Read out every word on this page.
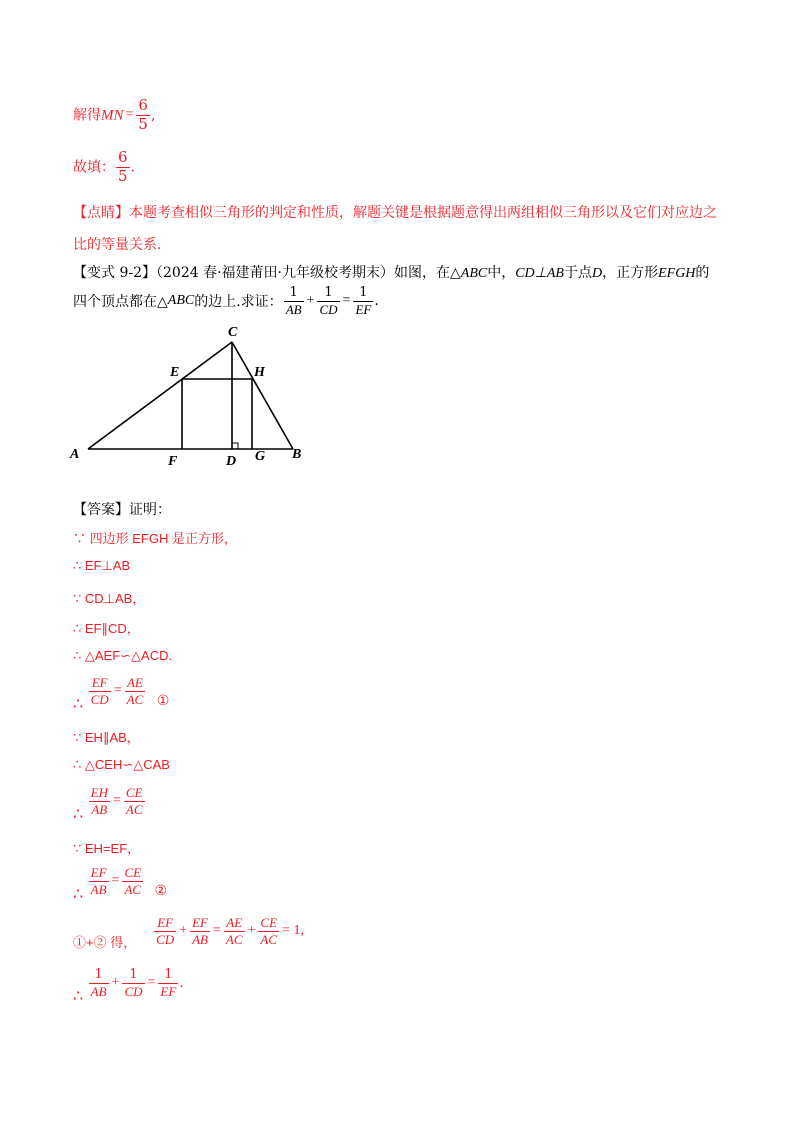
解得MN = $\frac{6}{5}$ ,
故填： $\frac{6}{5}$ .
【点睛】本题考查相似三角形的判定和性质，解题关键是根据题意得出两组相似三角形以及它们对应边之
比的等量关系.
【变式 9-2】（2024 春·福建莆田·九年级校考期末）如图，在△ABC中，CD⊥AB于点D，正方形EFGH的
四个顶点都在△ABC的边上.求证： $\frac{1}{AB} + \frac{1}{CD} = \frac{1}{EF}$ .
C
E	H
A	F	D G B
【答案】证明：
∵ 四边形 EFGH 是正方形，
∴ EF⊥AB
∵ CD⊥AB，
∴ EF∥CD，
∴ △AEF∽△ACD.
∴ $\frac{EF}{CD} = \frac{AE}{AC}$ ①
∵ EH∥AB，
∴ △CEH∽△CAB
∴ $\frac{EH}{AB} = \frac{CE}{AC}$
∵ EH=EF，
∴ $\frac{EF}{AB} = \frac{CE}{AC}$ ②
①+② 得， $\frac{EF}{CD} + \frac{EF}{AB} = \frac{AE}{AC} + \frac{CE}{AC} = 1$,
∴ $\frac{1}{AB} + \frac{1}{CD} = \frac{1}{EF}$ .
